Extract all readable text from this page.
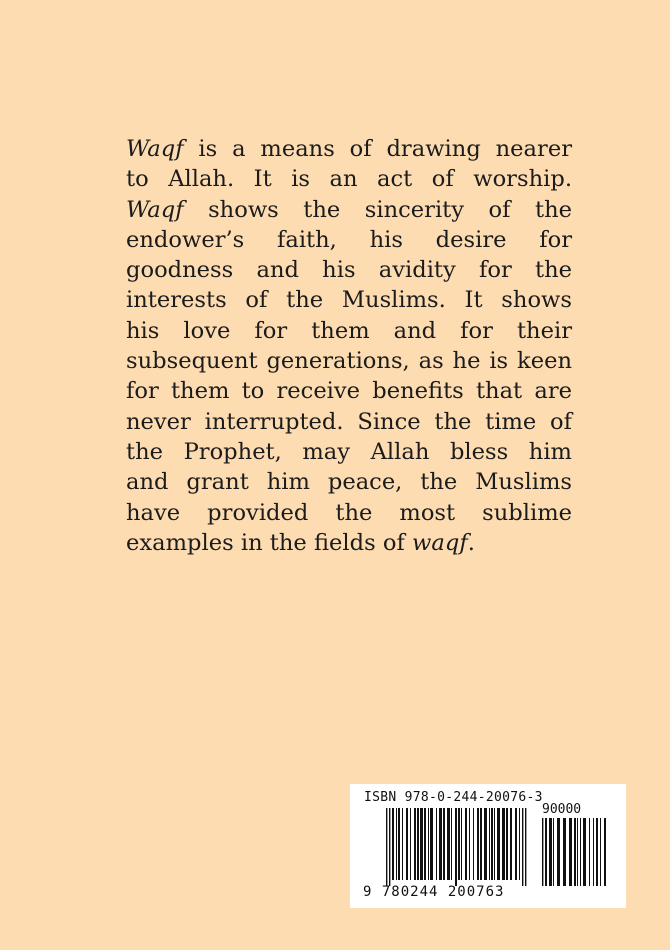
Waqf is a means of drawing nearer
to Allah. It is an act of worship.
Waqf shows the sincerity of the
endower’s faith, his desire for
goodness and his avidity for the
interests of the Muslims. It shows
his love for them and for their
subsequent generations, as he is keen
for them to receive benefits that are
never interrupted. Since the time of
the Prophet, may Allah bless him
and grant him peace, the Muslims
have provided the most sublime
examples in the fields of waqf.
ISBN 978-0-244-20076-3
90000
9 780244 200763
